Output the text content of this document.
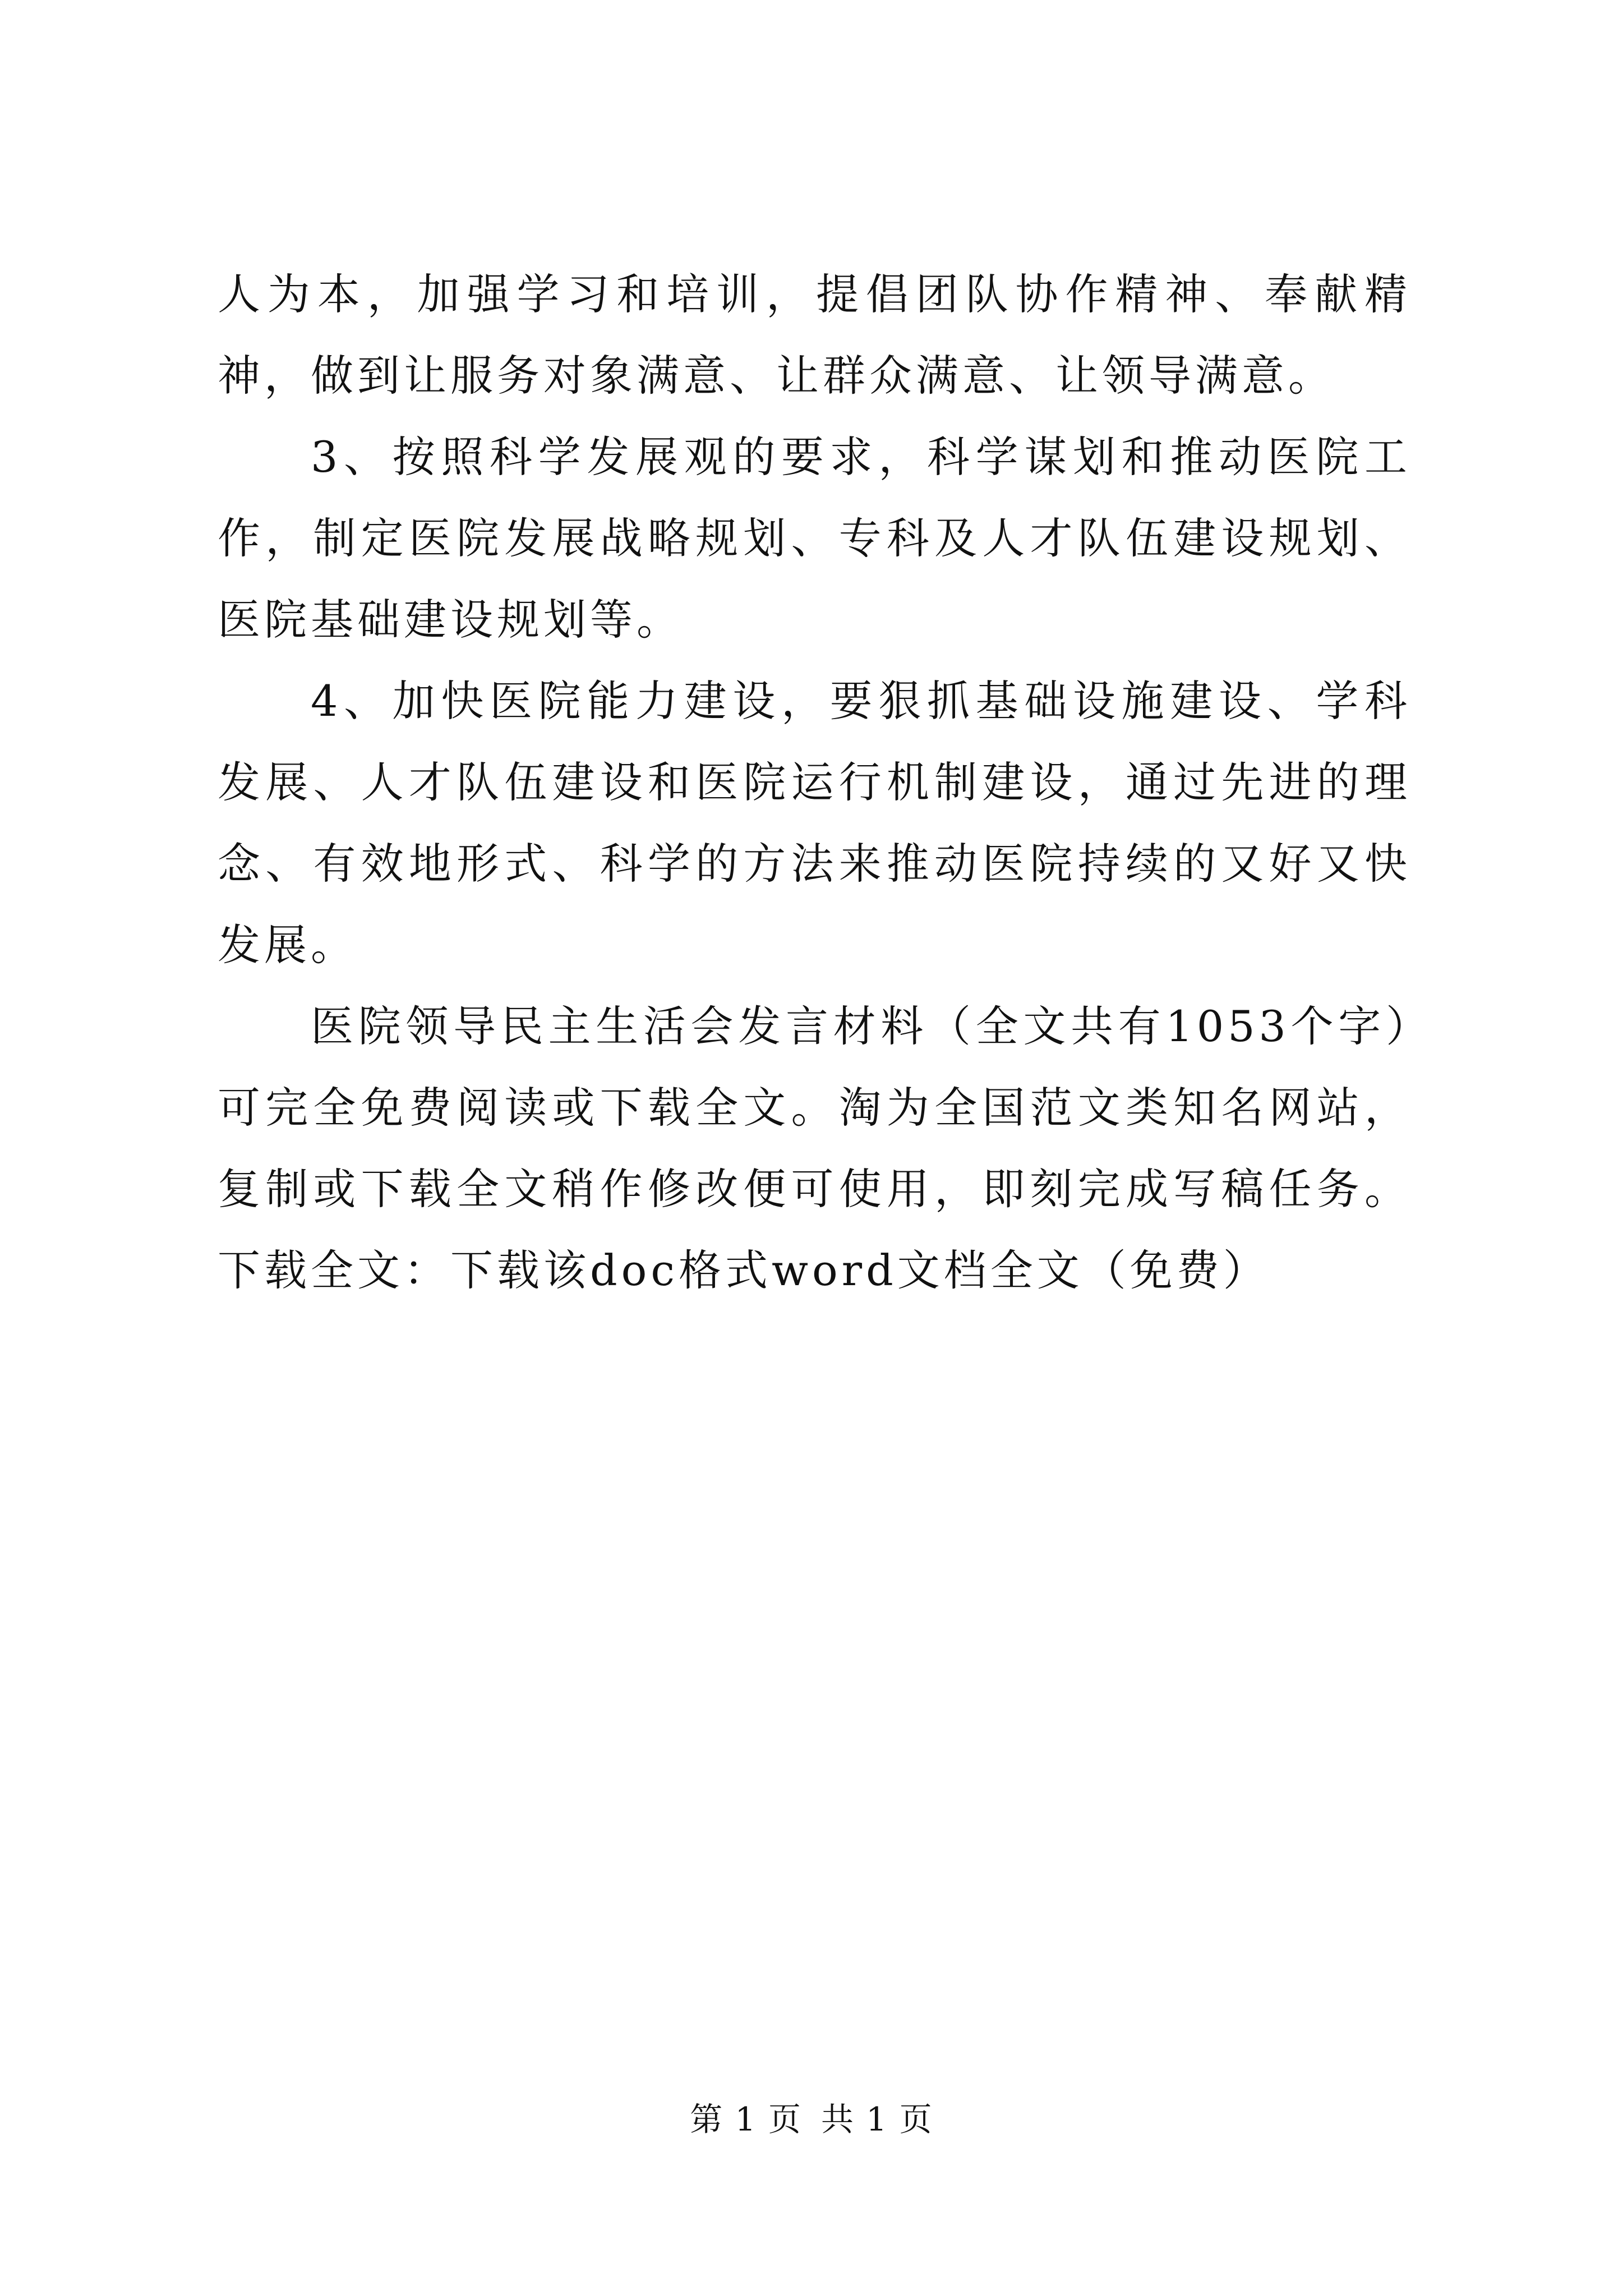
人为本，加强学习和培训，提倡团队协作精神、奉献精神，做到让服务对象满意、让群众满意、让领导满意。

3、按照科学发展观的要求，科学谋划和推动医院工作，制定医院发展战略规划、专科及人才队伍建设规划、医院基础建设规划等。

4、加快医院能力建设，要狠抓基础设施建设、学科发展、人才队伍建设和医院运行机制建设，通过先进的理念、有效地形式、科学的方法来推动医院持续的又好又快发展。

医院领导民主生活会发言材料（全文共有1053个字）可完全免费阅读或下载全文。淘为全国范文类知名网站，复制或下载全文稍作修改便可使用，即刻完成写稿任务。下载全文：下载该doc格式word文档全文（免费）

第 1 页 共 1 页
